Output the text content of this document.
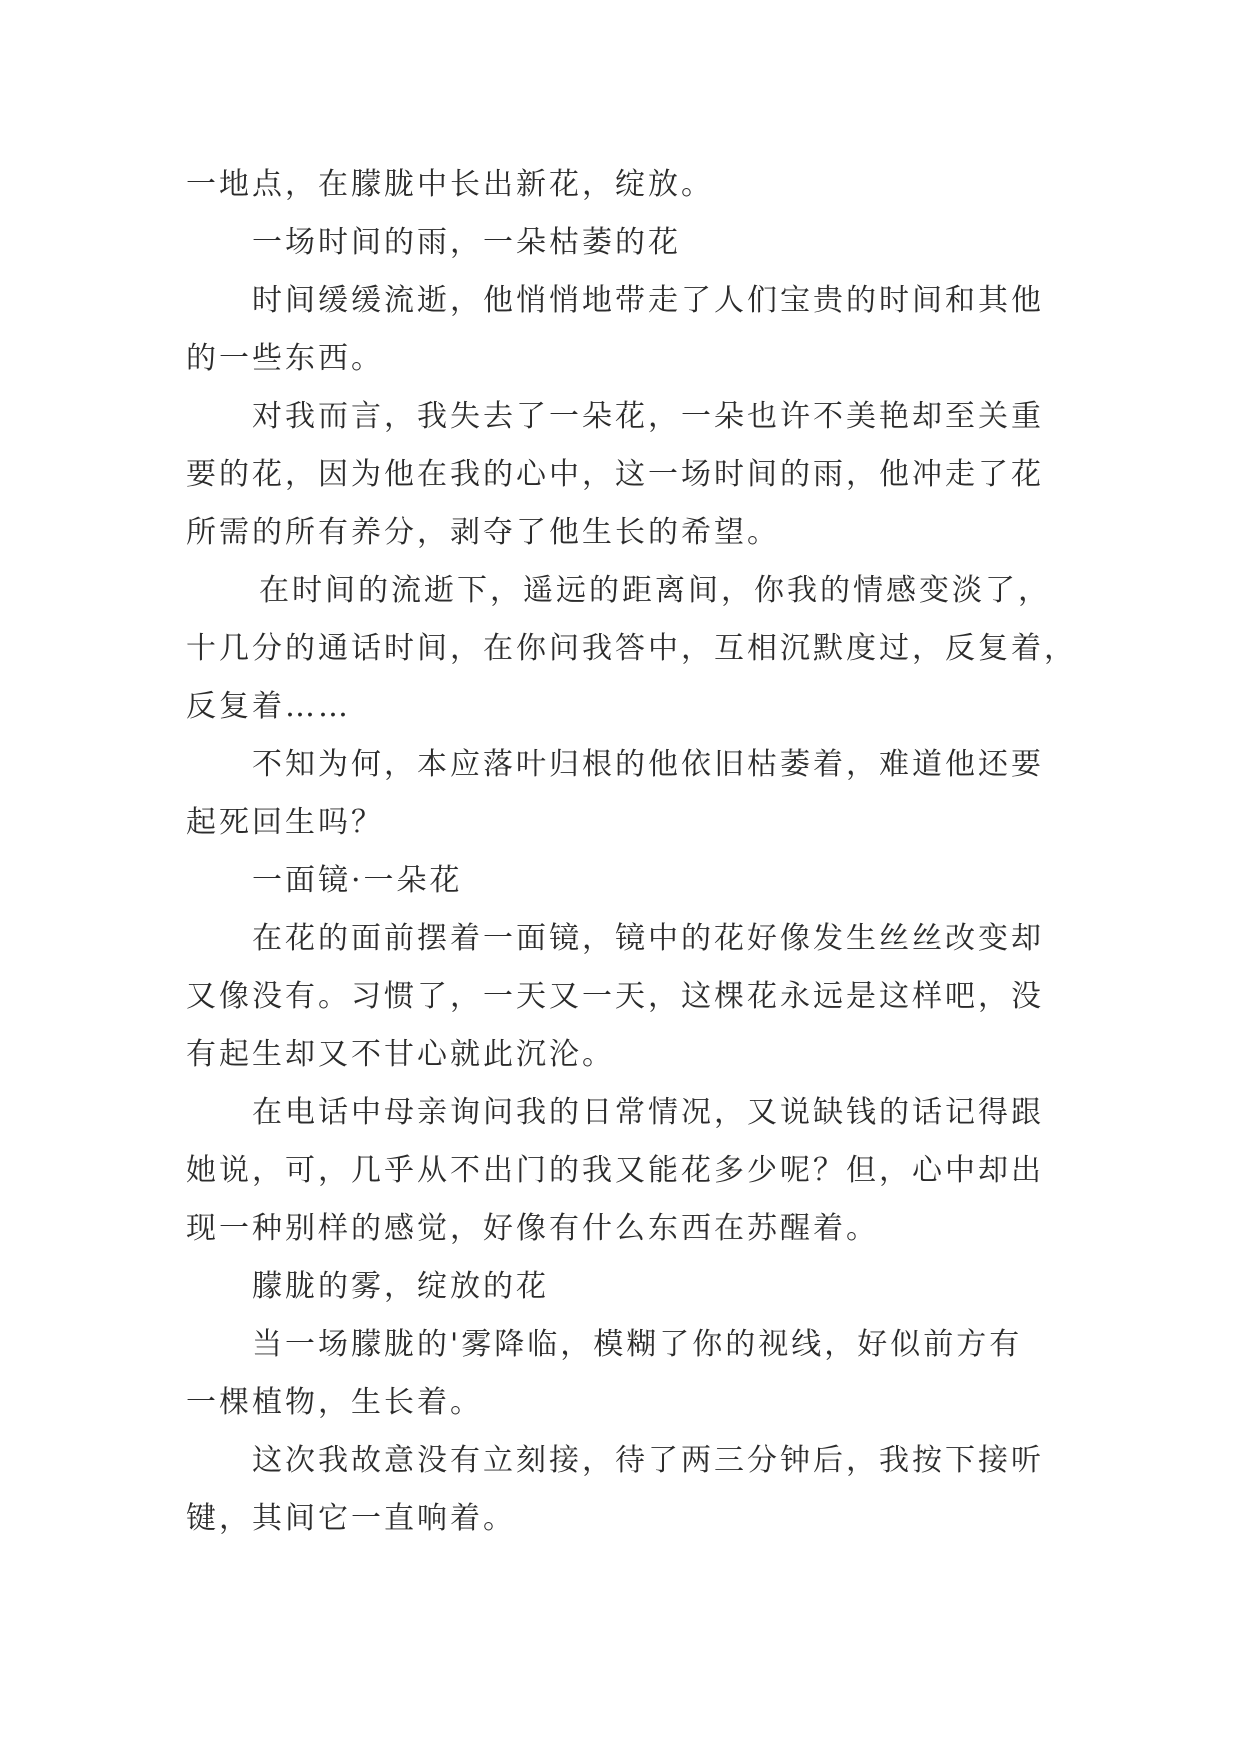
一地点，在朦胧中长出新花，绽放。
一场时间的雨，一朵枯萎的花
时间缓缓流逝，他悄悄地带走了人们宝贵的时间和其他
的一些东西。
对我而言，我失去了一朵花，一朵也许不美艳却至关重
要的花，因为他在我的心中，这一场时间的雨，他冲走了花
所需的所有养分，剥夺了他生长的希望。
在时间的流逝下，遥远的距离间，你我的情感变淡了，
十几分的通话时间，在你问我答中，互相沉默度过，反复着，
反复着……
不知为何，本应落叶归根的他依旧枯萎着，难道他还要
起死回生吗？
一面镜·一朵花
在花的面前摆着一面镜，镜中的花好像发生丝丝改变却
又像没有。习惯了，一天又一天，这棵花永远是这样吧，没
有起生却又不甘心就此沉沦。
在电话中母亲询问我的日常情况，又说缺钱的话记得跟
她说，可，几乎从不出门的我又能花多少呢？但，心中却出
现一种别样的感觉，好像有什么东西在苏醒着。
朦胧的雾，绽放的花
当一场朦胧的'雾降临，模糊了你的视线，好似前方有
一棵植物，生长着。
这次我故意没有立刻接，待了两三分钟后，我按下接听
键，其间它一直响着。
